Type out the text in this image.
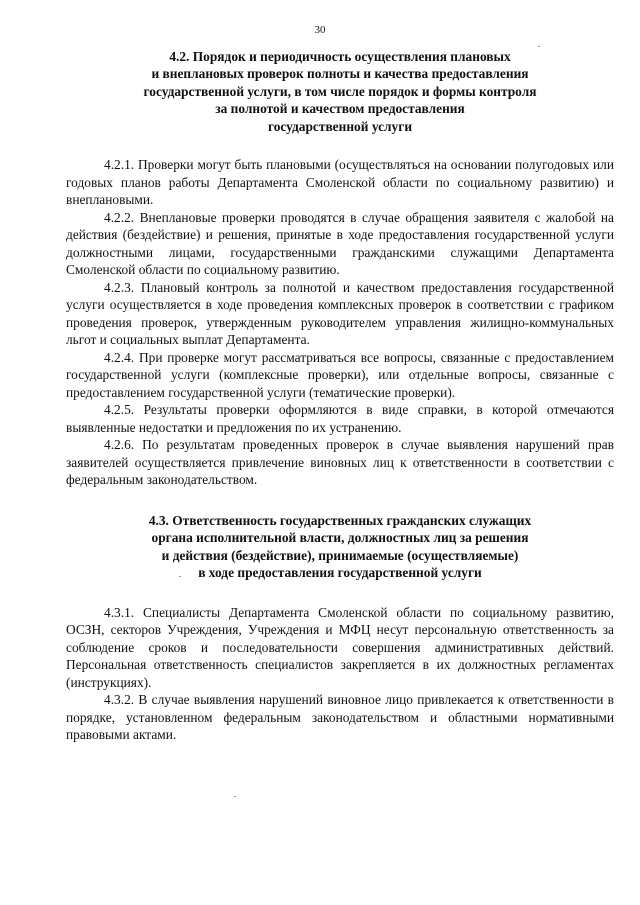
30
4.2. Порядок и периодичность осуществления плановых
и внеплановых проверок полноты и качества предоставления
государственной услуги, в том числе порядок и формы контроля
за полнотой и качеством предоставления
государственной услуги

4.2.1. Проверки могут быть плановыми (осуществляться на основании полугодовых или годовых планов работы Департамента Смоленской области по социальному развитию) и внеплановыми.

4.2.2. Внеплановые проверки проводятся в случае обращения заявителя с жалобой на действия (бездействие) и решения, принятые в ходе предоставления государственной услуги должностными лицами, государственными гражданскими служащими Департамента Смоленской области по социальному развитию.

4.2.3. Плановый контроль за полнотой и качеством предоставления государственной услуги осуществляется в ходе проведения комплексных проверок в соответствии с графиком проведения проверок, утвержденным руководителем управления жилищно-коммунальных льгот и социальных выплат Департамента.

4.2.4. При проверке могут рассматриваться все вопросы, связанные с предоставлением государственной услуги (комплексные проверки), или отдельные вопросы, связанные с предоставлением государственной услуги (тематические проверки).

4.2.5. Результаты проверки оформляются в виде справки, в которой отмечаются выявленные недостатки и предложения по их устранению.

4.2.6. По результатам проведенных проверок в случае выявления нарушений прав заявителей осуществляется привлечение виновных лиц к ответственности в соответствии с федеральным законодательством.

4.3. Ответственность государственных гражданских служащих
органа исполнительной власти, должностных лиц за решения
и действия (бездействие), принимаемые (осуществляемые)
в ходе предоставления государственной услуги

4.3.1. Специалисты Департамента Смоленской области по социальному развитию, ОСЗН, секторов Учреждения, Учреждения и МФЦ несут персональную ответственность за соблюдение сроков и последовательности совершения административных действий. Персональная ответственность специалистов закрепляется в их должностных регламентах (инструкциях).

4.3.2. В случае выявления нарушений виновное лицо привлекается к ответственности в порядке, установленном федеральным законодательством и областными нормативными правовыми актами.
